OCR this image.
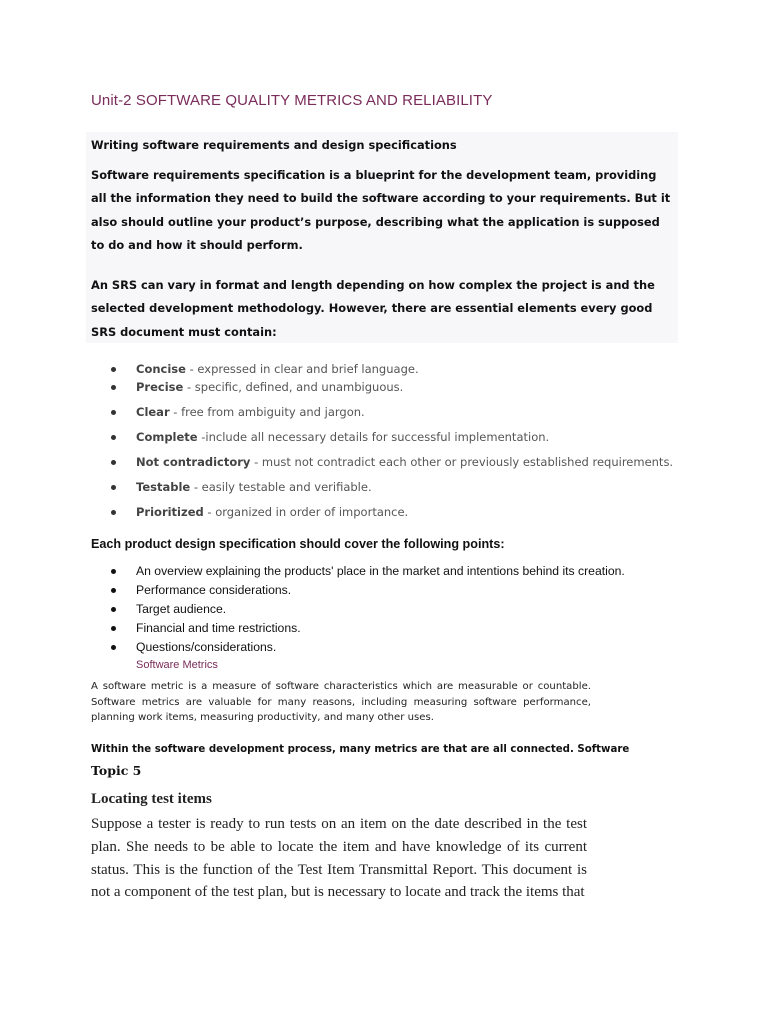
Unit-2 SOFTWARE QUALITY METRICS AND RELIABILITY

Writing software requirements and design specifications

Software requirements specification is a blueprint for the development team, providing all the information they need to build the software according to your requirements. But it also should outline your product’s purpose, describing what the application is supposed to do and how it should perform.

An SRS can vary in format and length depending on how complex the project is and the selected development methodology. However, there are essential elements every good SRS document must contain:

Concise - expressed in clear and brief language.
Precise - specific, defined, and unambiguous.
Clear - free from ambiguity and jargon.
Complete -include all necessary details for successful implementation.
Not contradictory - must not contradict each other or previously established requirements.
Testable - easily testable and verifiable.
Prioritized - organized in order of importance.
Each product design specification should cover the following points:
An overview explaining the products' place in the market and intentions behind its creation.
Performance considerations.
Target audience.
Financial and time restrictions.
Questions/considerations.
Software Metrics
A software metric is a measure of software characteristics which are measurable or countable. Software metrics are valuable for many reasons, including measuring software performance, planning work items, measuring productivity, and many other uses.
Within the software development process, many metrics are that are all connected. Software
Topic 5
Locating test items
Suppose a tester is ready to run tests on an item on the date described in the test plan. She needs to be able to locate the item and have knowledge of its current status. This is the function of the Test Item Transmittal Report. This document is not a component of the test plan, but is necessary to locate and track the items that
